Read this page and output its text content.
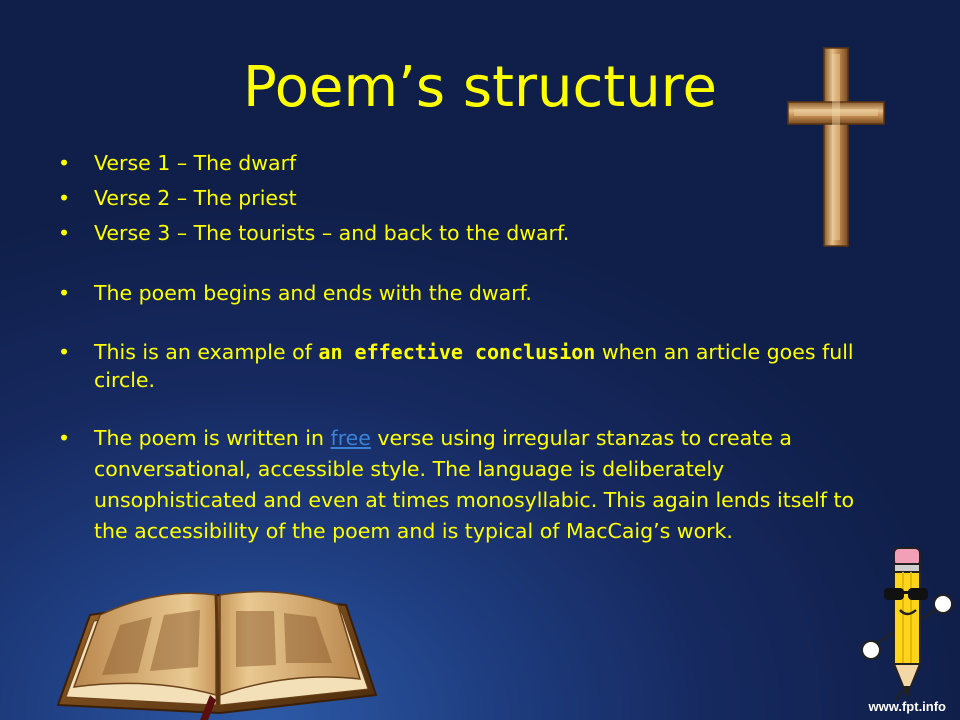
Poem’s structure
•	Verse 1 – The dwarf
•	Verse 2 – The priest
•	Verse 3 – The tourists – and back to the dwarf.
•	The poem begins and ends with the dwarf.
•	This is an example of an effective conclusion when an article goes full circle.
•	The poem is written in free verse using irregular stanzas to create a conversational, accessible style. The language is deliberately unsophisticated and even at times monosyllabic. This again lends itself to the accessibility of the poem and is typical of MacCaig’s work.
www.fpt.info
